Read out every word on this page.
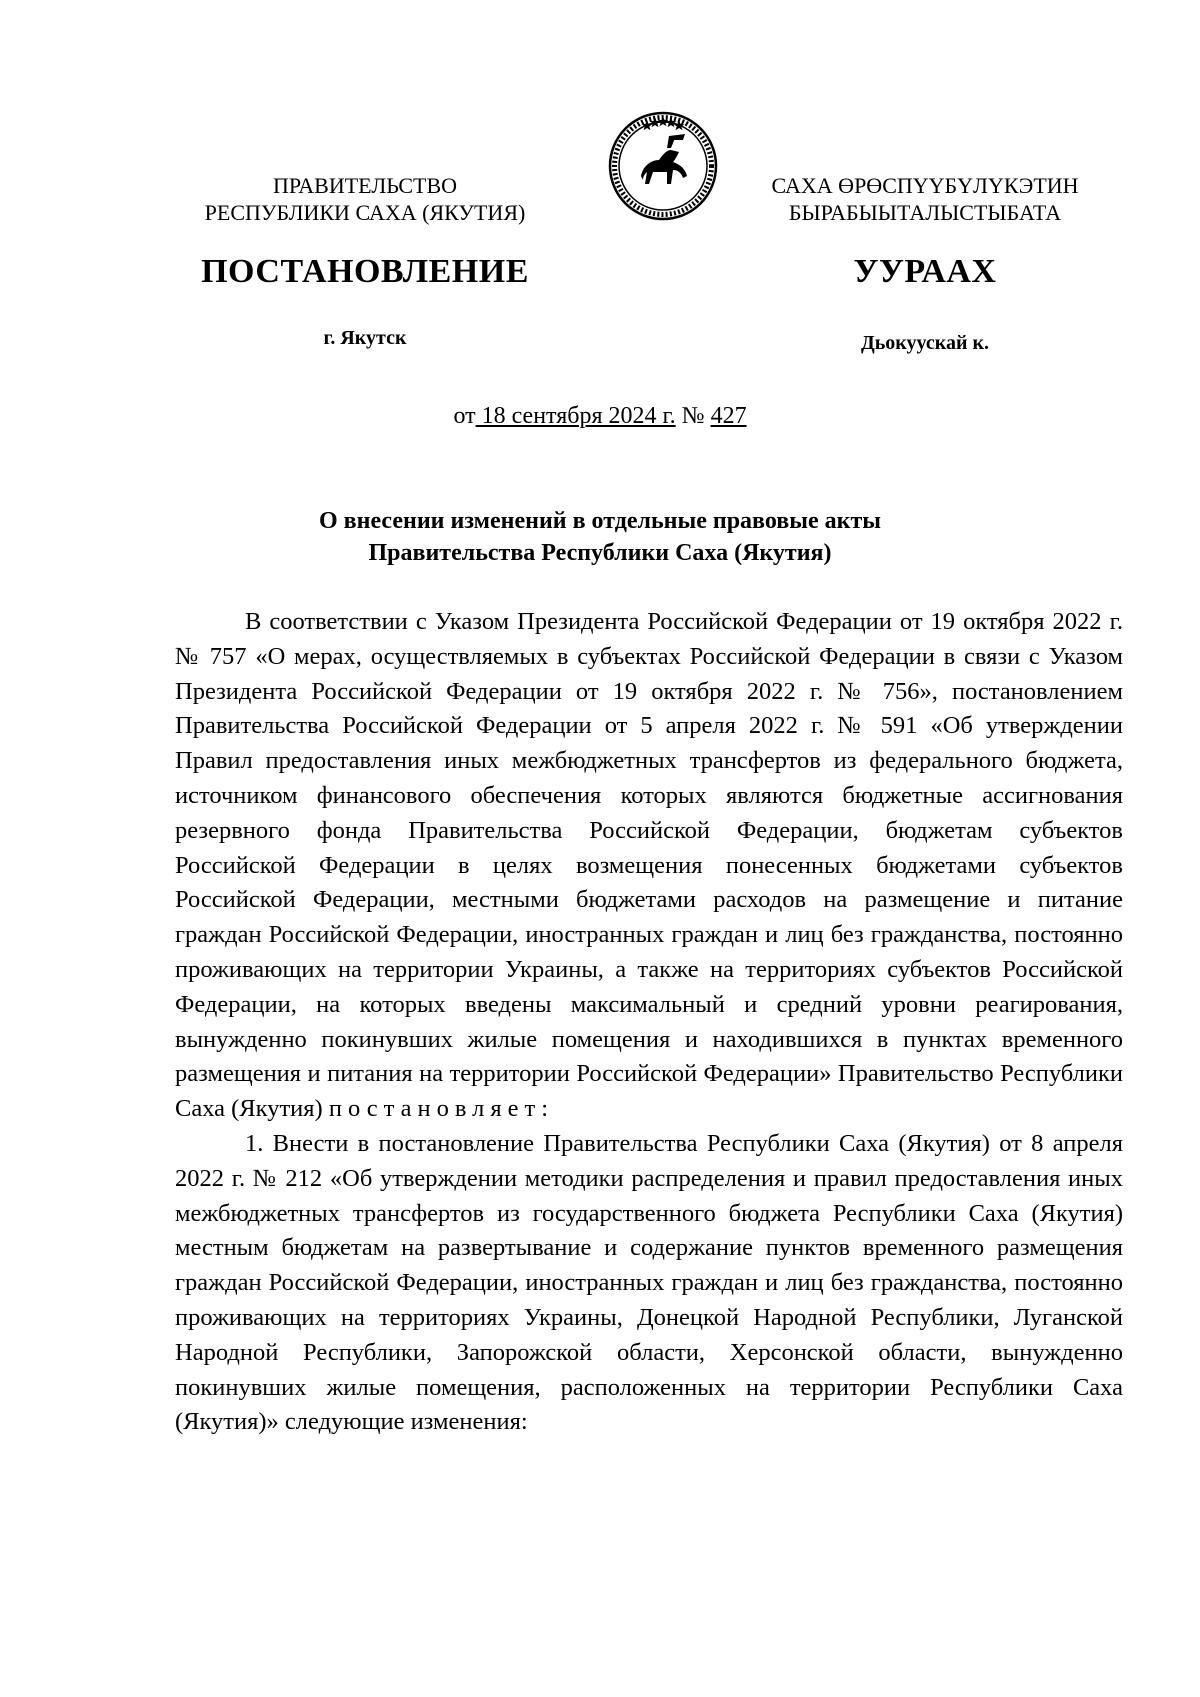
ПРАВИТЕЛЬСТВО
РЕСПУБЛИКИ САХА (ЯКУТИЯ)
САХА ӨРӨСПҮҮБҮЛҮКЭТИН
БЫРАБЫЫТАЛЫСТЫБАТА
ПОСТАНОВЛЕНИЕ	УУРААХ
г. Якутск	Дьокуускай к.
от 18 сентября 2024 г. № 427
О внесении изменений в отдельные правовые акты
Правительства Республики Саха (Якутия)

В соответствии с Указом Президента Российской Федерации от 19 октября 2022 г. № 757 «О мерах, осуществляемых в субъектах Российской Федерации в связи с Указом Президента Российской Федерации от 19 октября 2022 г. № 756», постановлением Правительства Российской Федерации от 5 апреля 2022 г. № 591 «Об утверждении Правил предоставления иных межбюджетных трансфертов из федерального бюджета, источником финансового обеспечения которых являются бюджетные ассигнования резервного фонда Правительства Российской Федерации, бюджетам субъектов Российской Федерации в целях возмещения понесенных бюджетами субъектов Российской Федерации, местными бюджетами расходов на размещение и питание граждан Российской Федерации, иностранных граждан и лиц без гражданства, постоянно проживающих на территории Украины, а также на территориях субъектов Российской Федерации, на которых введены максимальный и средний уровни реагирования, вынужденно покинувших жилые помещения и находившихся в пунктах временного размещения и питания на территории Российской Федерации» Правительство Республики Саха (Якутия) постановляет:

1. Внести в постановление Правительства Республики Саха (Якутия) от 8 апреля 2022 г. № 212 «Об утверждении методики распределения и правил предоставления иных межбюджетных трансфертов из государственного бюджета Республики Саха (Якутия) местным бюджетам на развертывание и содержание пунктов временного размещения граждан Российской Федерации, иностранных граждан и лиц без гражданства, постоянно проживающих на территориях Украины, Донецкой Народной Республики, Луганской Народной Республики, Запорожской области, Херсонской области, вынужденно покинувших жилые помещения, расположенных на территории Республики Саха (Якутия)» следующие изменения:
